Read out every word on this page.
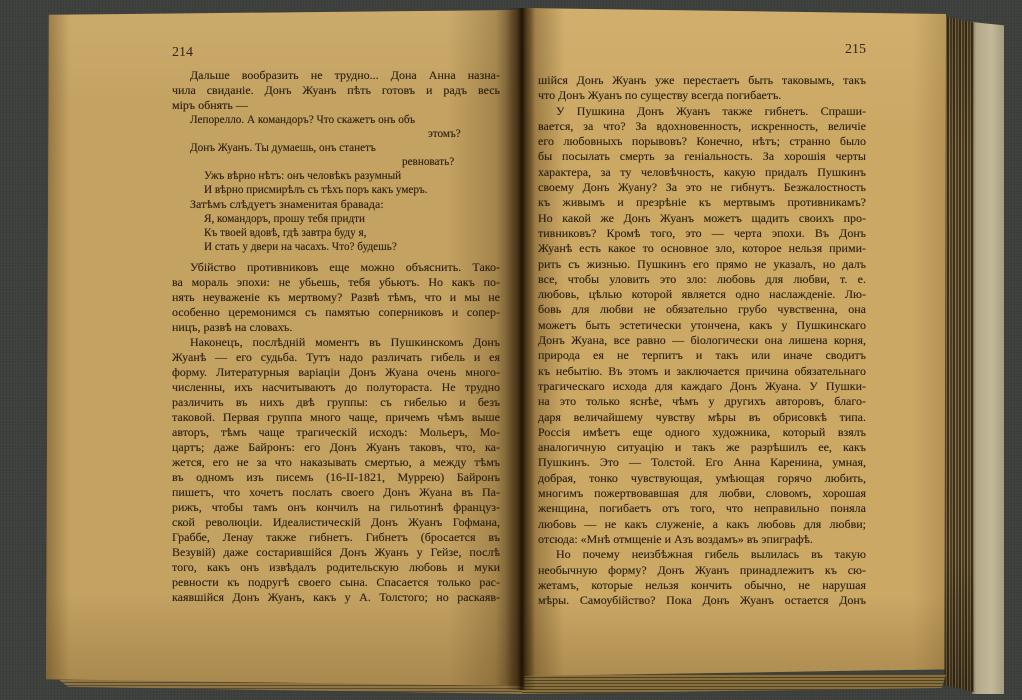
214
Дальше вообразить не трудно... Дона Анна назна-
чила свиданіе. Донъ Жуанъ пѣть готовъ и радъ весь
міръ обнять —
Лепорелло. А командоръ? Что скажетъ онъ объ
этомъ?
Донъ Жуанъ. Ты думаешь, онъ станетъ
ревновать?
Ужъ вѣрно нѣтъ: онъ человѣкъ разумный
И вѣрно присмирѣлъ съ тѣхъ поръ какъ умеръ.
Затѣмъ слѣдуетъ знаменитая бравада:
Я, командоръ, прошу тебя придти
Къ твоей вдовѣ, гдѣ завтра буду я,
И стать у двери на часахъ. Что? будешь?
Убійство противниковъ еще можно объяснить. Тако-
ва мораль эпохи: не убьешь, тебя убьютъ. Но какъ по-
нять неуваженіе къ мертвому? Развѣ тѣмъ, что и мы не
особенно церемонимся съ памятью соперниковъ и сопер-
ницъ, развѣ на словахъ.
Наконецъ, послѣдній моментъ въ Пушкинскомъ Донъ
Жуанѣ — его судьба. Тутъ надо различать гибель и ея
форму. Литературныя варіаціи Донъ Жуана очень много-
численны, ихъ насчитываютъ до полутораста. Не трудно
различить въ нихъ двѣ группы: съ гибелью и безъ
таковой. Первая группа много чаще, причемъ чѣмъ выше
авторъ, тѣмъ чаще трагическій исходъ: Мольеръ, Мо-
цартъ; даже Байронъ: его Донъ Жуанъ таковъ, что, ка-
жется, его не за что наказывать смертью, а между тѣмъ
въ одномъ изъ писемъ (16-II-1821, Муррею) Байронъ
пишетъ, что хочетъ послать своего Донъ Жуана въ Па-
рижъ, чтобы тамъ онъ кончилъ на гильотинѣ француз-
ской революціи. Идеалистическій Донъ Жуанъ Гофмана,
Граббе, Ленау также гибнетъ. Гибнетъ (бросается въ
Везувій) даже состарившійся Донъ Жуанъ у Гейзе, послѣ
того, какъ онъ извѣдалъ родительскую любовь и муки
ревности къ подругѣ своего сына. Спасается только рас-
каявшійся Донъ Жуанъ, какъ у А. Толстого; но раскаяв-
215
шійся Донъ Жуанъ уже перестаетъ быть таковымъ, такъ
что Донъ Жуанъ по существу всегда погибаетъ.
У Пушкина Донъ Жуанъ также гибнетъ. Спраши-
вается, за что? За вдохновенность, искренность, величіе
его любовныхъ порывовъ? Конечно, нѣтъ; странно было
бы посылать смерть за геніальность. За хорошія черты
характера, за ту человѣчность, какую придалъ Пушкинъ
своему Донъ Жуану? За это не гибнутъ. Безжалостность
къ живымъ и презрѣніе къ мертвымъ противникамъ?
Но какой же Донъ Жуанъ можетъ щадить своихъ про-
тивниковъ? Кромѣ того, это — черта эпохи. Въ Донъ
Жуанѣ есть какое то основное зло, которое нельзя прими-
рить съ жизнью. Пушкинъ его прямо не указалъ, но далъ
все, чтобы уловить это зло: любовь для любви, т. е.
любовь, цѣлью которой является одно наслажденіе. Лю-
бовь для любви не обязательно грубо чувственна, она
можетъ быть эстетически утончена, какъ у Пушкинскаго
Донъ Жуана, все равно — біологически она лишена корня,
природа ея не терпитъ и такъ или иначе сводитъ
къ небытію. Въ этомъ и заключается причина обязательнаго
трагическаго исхода для каждаго Донъ Жуана. У Пушки-
на это только яснѣе, чѣмъ у другихъ авторовъ, благо-
даря величайшему чувству мѣры въ обрисовкѣ типа.
Россія имѣетъ еще одного художника, который взялъ
аналогичную ситуацію и такъ же разрѣшилъ ее, какъ
Пушкинъ. Это — Толстой. Его Анна Каренина, умная,
добрая, тонко чувствующая, умѣющая горячо любить,
многимъ пожертвовавшая для любви, словомъ, хорошая
женщина, погибаетъ отъ того, что неправильно поняла
любовь — не какъ служеніе, а какъ любовь для любви;
отсюда: «Мнѣ отмщеніе и Азъ воздамъ» въ эпиграфѣ.
Но почему неизбѣжная гибель вылилась въ такую
необычную форму? Донъ Жуанъ принадлежитъ къ сю-
жетамъ, которые нельзя кончить обычно, не нарушая
мѣры. Самоубійство? Пока Донъ Жуанъ остается Донъ
